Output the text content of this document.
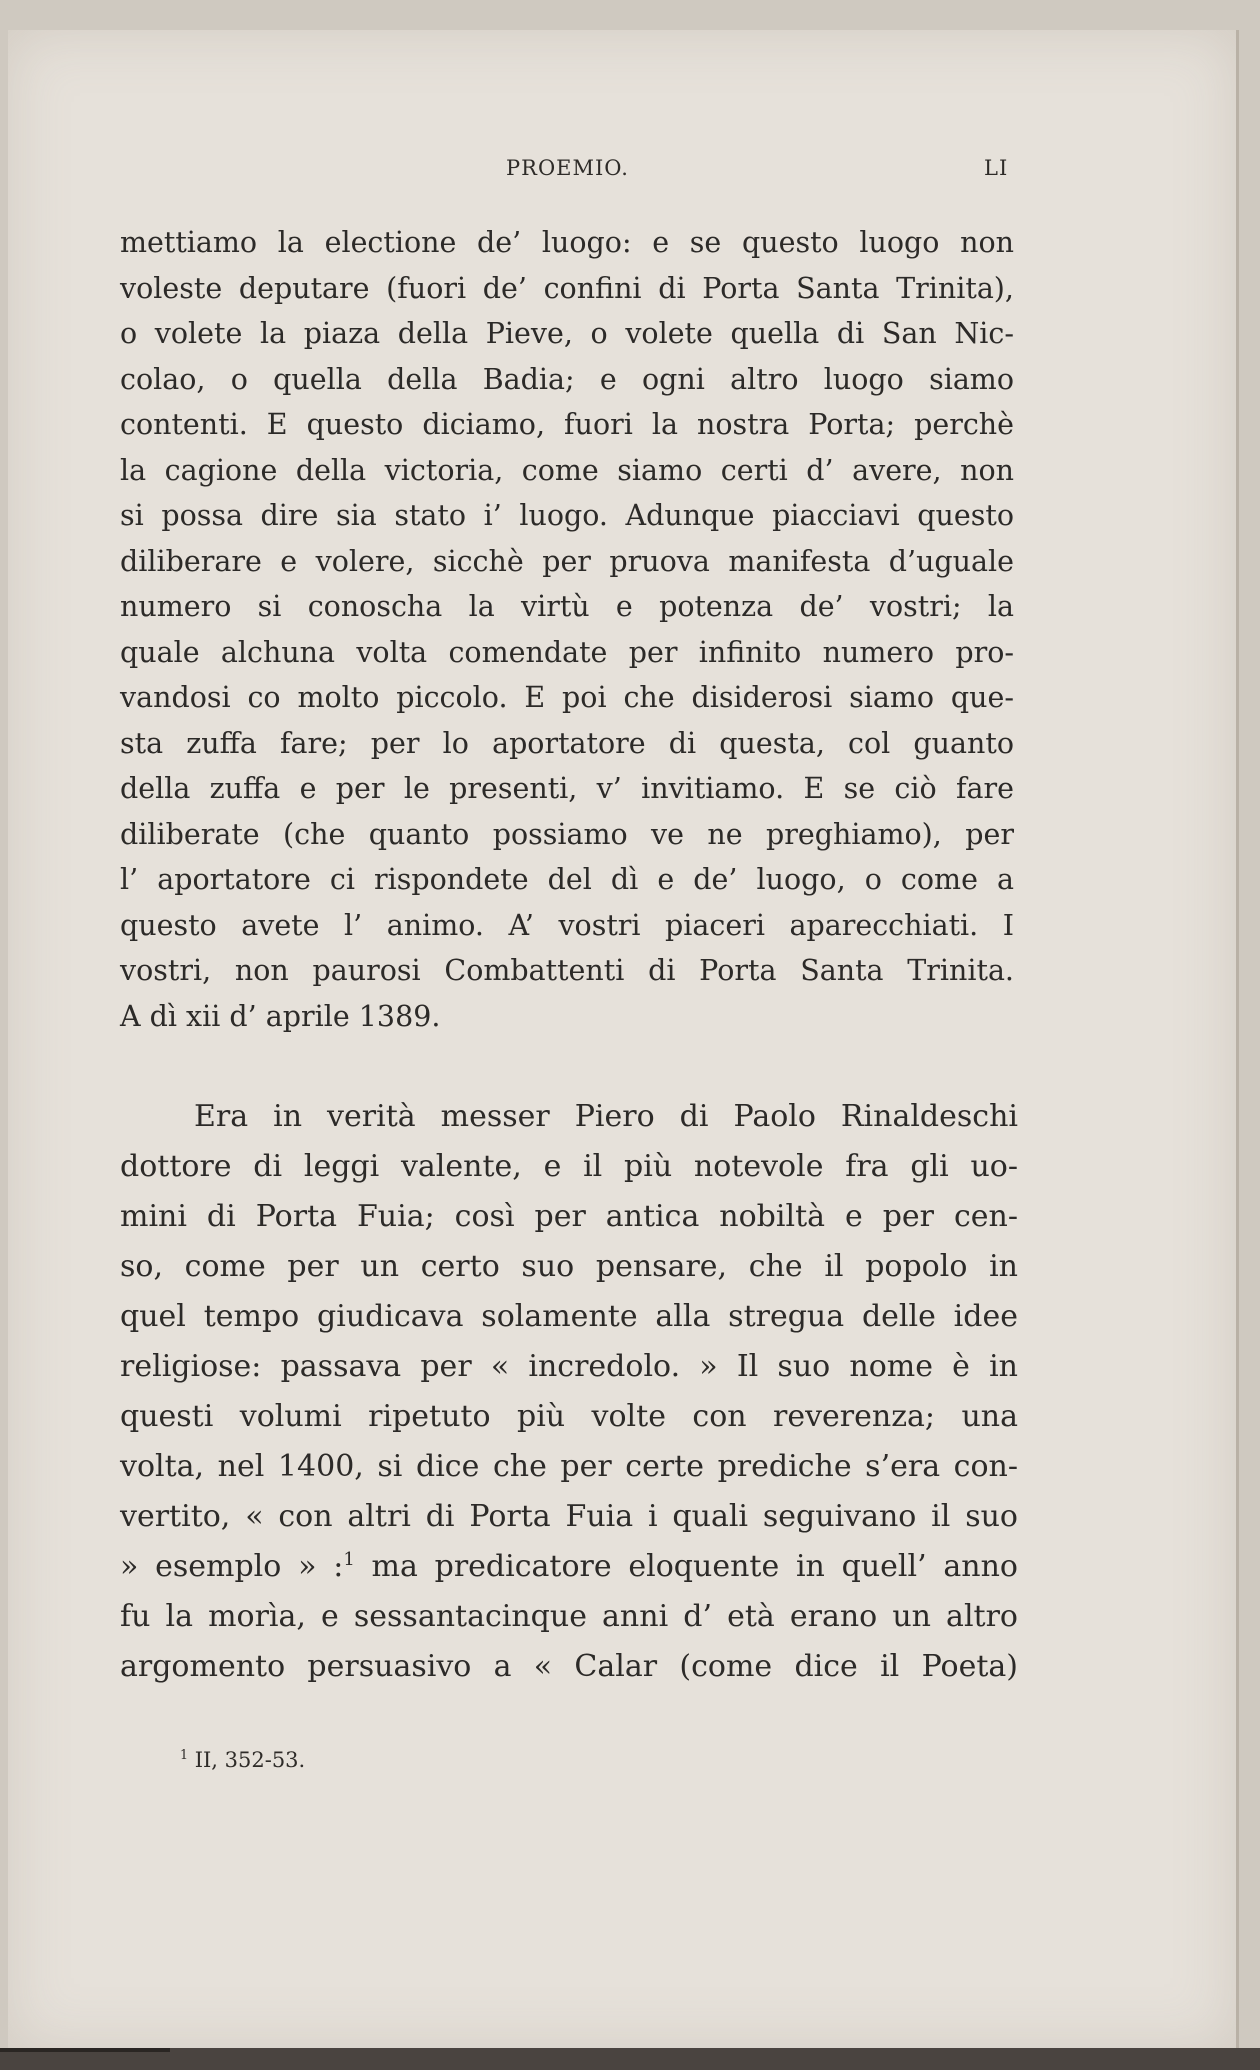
PROEMIO.	LI
mettiamo la electione de’ luogo: e se questo luogo non
voleste deputare (fuori de’ confini di Porta Santa Trinita),
o volete la piaza della Pieve, o volete quella di San Nic-
colao, o quella della Badia; e ogni altro luogo siamo
contenti. E questo diciamo, fuori la nostra Porta; perchè
la cagione della victoria, come siamo certi d’ avere, non
si possa dire sia stato i’ luogo. Adunque piacciavi questo
diliberare e volere, sicchè per pruova manifesta d’uguale
numero si conoscha la virtù e potenza de’ vostri; la
quale alchuna volta comendate per infinito numero pro-
vandosi co molto piccolo. E poi che disiderosi siamo que-
sta zuffa fare; per lo aportatore di questa, col guanto
della zuffa e per le presenti, v’ invitiamo. E se ciò fare
diliberate (che quanto possiamo ve ne preghiamo), per
l’ aportatore ci rispondete del dì e de’ luogo, o come a
questo avete l’ animo. A’ vostri piaceri aparecchiati. I
vostri, non paurosi Combattenti di Porta Santa Trinita.
A dì xii d’ aprile 1389.
Era in verità messer Piero di Paolo Rinaldeschi
dottore di leggi valente, e il più notevole fra gli uo-
mini di Porta Fuia; così per antica nobiltà e per cen-
so, come per un certo suo pensare, che il popolo in
quel tempo giudicava solamente alla stregua delle idee
religiose: passava per « incredolo. » Il suo nome è in
questi volumi ripetuto più volte con reverenza; una
volta, nel 1400, si dice che per certe prediche s’era con-
vertito, « con altri di Porta Fuia i quali seguivano il suo
» esemplo » :$^1$ ma predicatore eloquente in quell’ anno
fu la morìa, e sessantacinque anni d’ età erano un altro
argomento persuasivo a « Calar (come dice il Poeta)
$^1$ II, 352-53.
